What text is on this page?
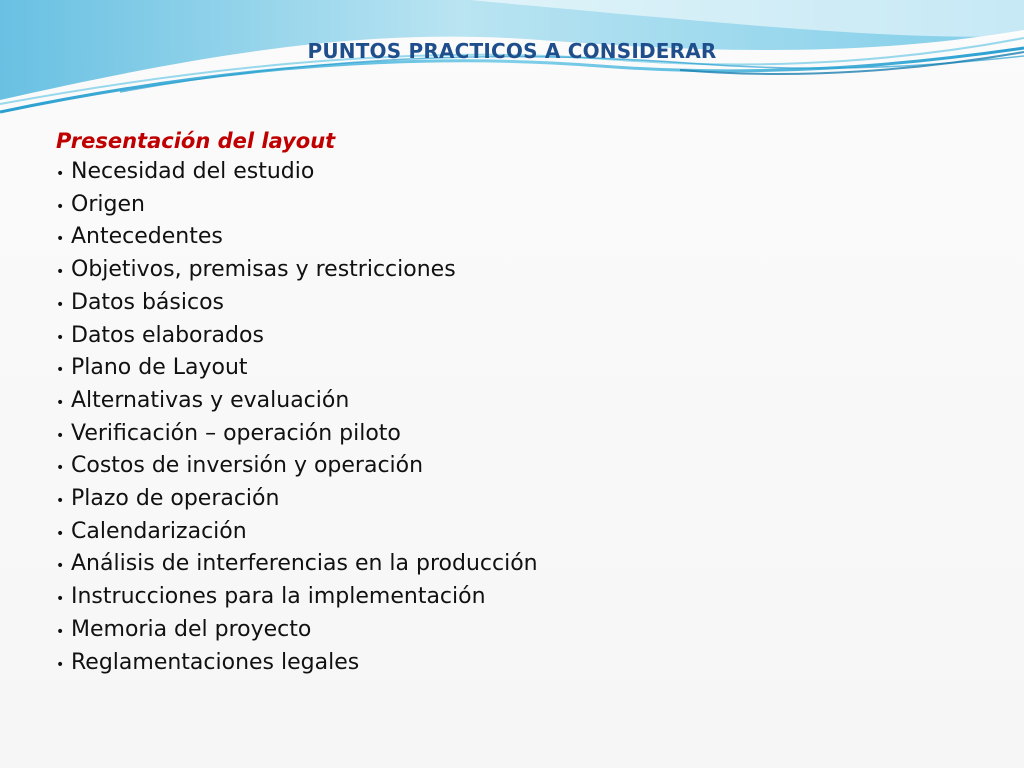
PUNTOS PRACTICOS A CONSIDERAR
Presentación del layout
• Necesidad del estudio
• Origen
• Antecedentes
• Objetivos, premisas y restricciones
• Datos básicos
• Datos elaborados
• Plano de Layout
• Alternativas y evaluación
• Verificación – operación piloto
• Costos de inversión y operación
• Plazo de operación
• Calendarización
• Análisis de interferencias en la producción
• Instrucciones para la implementación
• Memoria del proyecto
• Reglamentaciones legales
